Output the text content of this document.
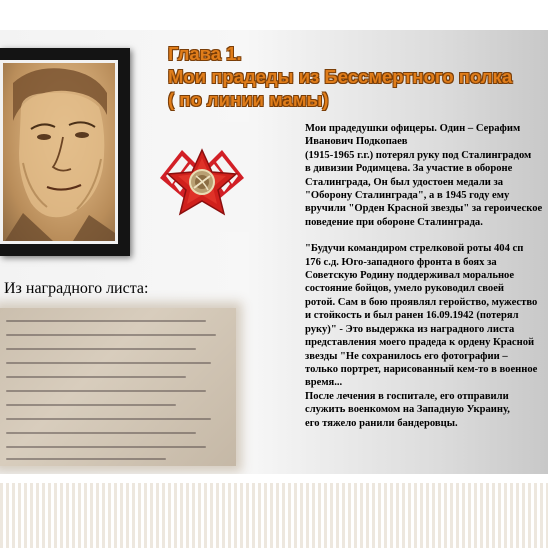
Глава 1.
Мои прадеды из Бессмертного полка
( по линии мамы)
Мои прадедушки офицеры. Один – Серафим
Иванович Подкопаев
(1915-1965 г.г.) потерял руку под Сталинградом
в дивизии Родимцева. За участие в обороне
Сталинграда, Он был удостоен медали за
"Оборону Сталинграда", а в 1945 году ему
вручили "Орден Красной звезды" за героическое
поведение при обороне Сталинграда.
"Будучи командиром стрелковой роты 404 сп
176 с.д. Юго-западного фронта в боях за
Советскую Родину поддерживал моральное
состояние бойцов, умело руководил своей
ротой. Сам в бою проявлял геройство, мужество
и стойкость и был ранен 16.09.1942 (потерял
руку)" - Это выдержка из наградного листа
представления моего прадеда к ордену Красной
звезды "Не сохранилось его фотографии –
только портрет, нарисованный кем-то в военное
время...
После лечения в госпитале, его отправили
служить военкомом на Западную Украину,
его тяжело ранили бандеровцы.
Из наградного листа:
